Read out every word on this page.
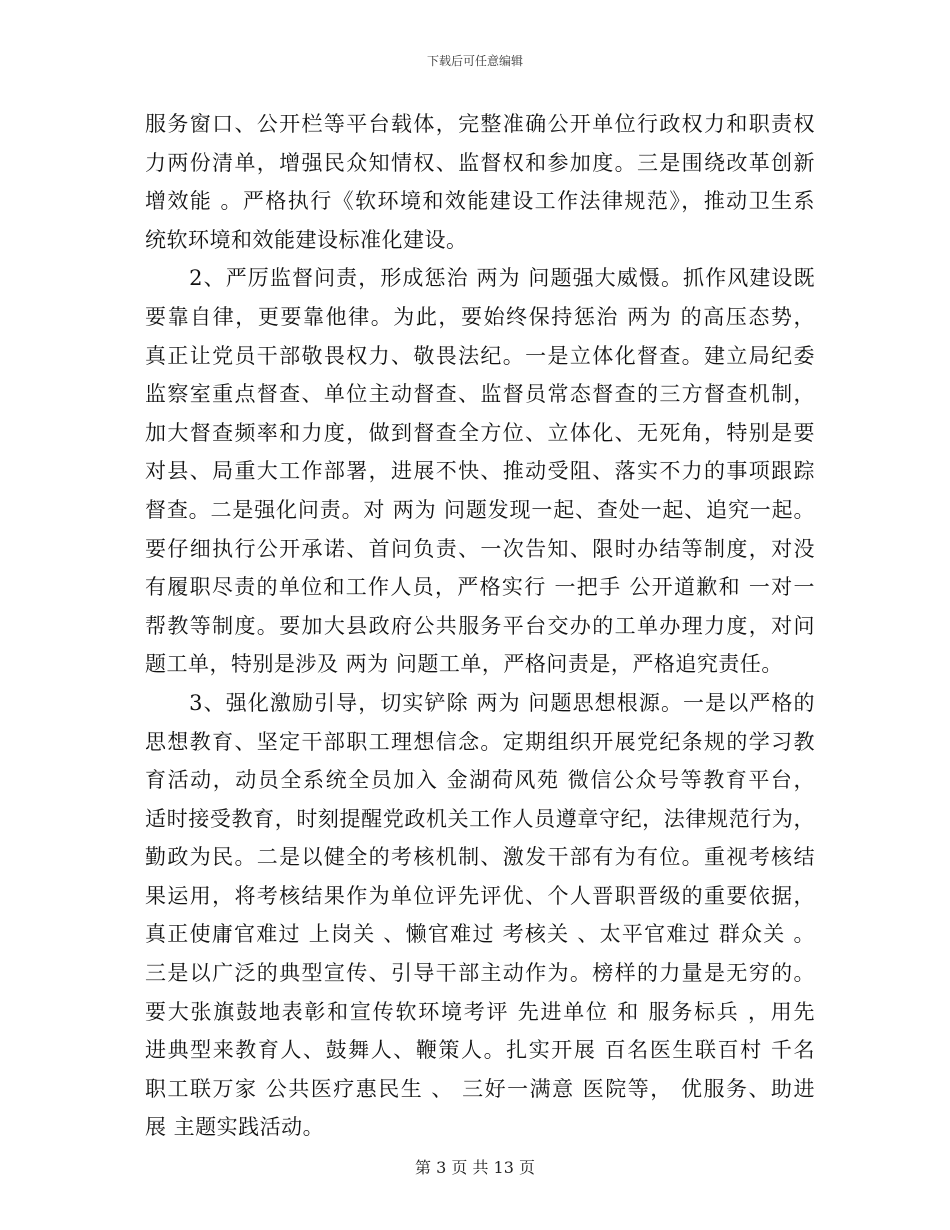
下载后可任意编辑
服务窗口、公开栏等平台载体，完整准确公开单位行政权力和职责权
力两份清单，增强民众知情权、监督权和参加度。三是围绕改革创新
增效能 。严格执行《软环境和效能建设工作法律规范》，推动卫生系
统软环境和效能建设标准化建设。
　　2、严厉监督问责，形成惩治 两为 问题强大威慑。抓作风建设既
要靠自律，更要靠他律。为此，要始终保持惩治 两为 的高压态势，
真正让党员干部敬畏权力、敬畏法纪。一是立体化督查。建立局纪委
监察室重点督查、单位主动督查、监督员常态督查的三方督查机制，
加大督查频率和力度，做到督查全方位、立体化、无死角，特别是要
对县、局重大工作部署，进展不快、推动受阻、落实不力的事项跟踪
督查。二是强化问责。对 两为 问题发现一起、查处一起、追究一起。
要仔细执行公开承诺、首问负责、一次告知、限时办结等制度，对没
有履职尽责的单位和工作人员，严格实行 一把手 公开道歉和 一对一
帮教等制度。要加大县政府公共服务平台交办的工单办理力度，对问
题工单，特别是涉及 两为 问题工单，严格问责是，严格追究责任。
　　3、强化激励引导，切实铲除 两为 问题思想根源。一是以严格的
思想教育、坚定干部职工理想信念。定期组织开展党纪条规的学习教
育活动，动员全系统全员加入 金湖荷风苑 微信公众号等教育平台，
适时接受教育，时刻提醒党政机关工作人员遵章守纪，法律规范行为，
勤政为民。二是以健全的考核机制、激发干部有为有位。重视考核结
果运用，将考核结果作为单位评先评优、个人晋职晋级的重要依据，
真正使庸官难过 上岗关 、懒官难过 考核关 、太平官难过 群众关 。
三是以广泛的典型宣传、引导干部主动作为。榜样的力量是无穷的。
要大张旗鼓地表彰和宣传软环境考评 先进单位 和 服务标兵 ，用先
进典型来教育人、鼓舞人、鞭策人。扎实开展 百名医生联百村 千名
职工联万家 公共医疗惠民生 、 三好一满意 医院等， 优服务、助进
展 主题实践活动。
第 3 页 共 13 页
